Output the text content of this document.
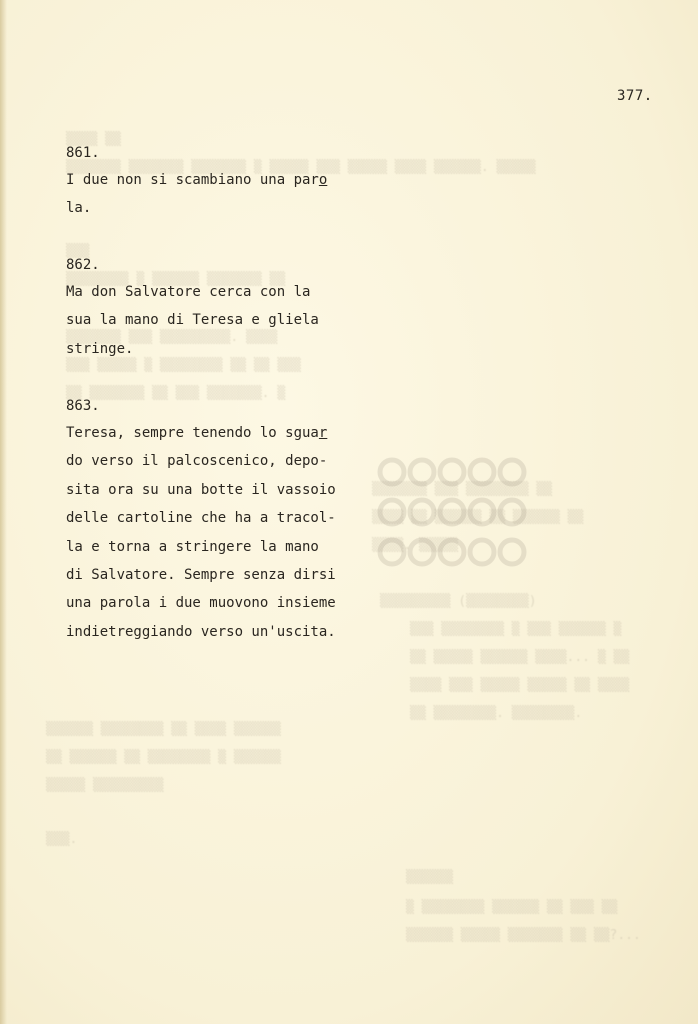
▒▒▒▒ ▒▒
▒▒▒▒▒▒▒ ▒▒▒▒▒▒▒ ▒▒▒▒▒▒▒ ▒ ▒▒▒▒▒ ▒▒▒ ▒▒▒▒▒ ▒▒▒▒ ▒▒▒▒▒▒. ▒▒▒▒▒
▒▒▒
▒▒▒▒▒▒▒▒ ▒ ▒▒▒▒▒▒ ▒▒▒▒▒▒▒ ▒▒
▒▒▒▒▒▒▒ ▒▒▒ ▒▒▒▒▒▒▒▒▒. ▒▒▒▒
▒▒▒ ▒▒▒▒▒ ▒ ▒▒▒▒▒▒▒▒ ▒▒ ▒▒ ▒▒▒
▒▒ ▒▒▒▒▒▒▒ ▒▒ ▒▒▒ ▒▒▒▒▒▒▒. ▒
▒▒▒▒▒▒▒ ▒▒▒ ▒▒▒▒▒▒▒▒ ▒▒
▒▒▒▒ ▒▒ ▒▒▒▒▒▒ ▒▒ ▒▒▒▒▒▒ ▒▒
▒▒▒▒. ▒▒▒▒▒
▒▒▒▒▒▒▒▒▒ (▒▒▒▒▒▒▒▒)
▒▒▒ ▒▒▒▒▒▒▒▒ ▒ ▒▒▒ ▒▒▒▒▒▒ ▒
▒▒ ▒▒▒▒▒ ▒▒▒▒▒▒ ▒▒▒▒... ▒ ▒▒
▒▒▒▒ ▒▒▒ ▒▒▒▒▒ ▒▒▒▒▒ ▒▒ ▒▒▒▒
▒▒ ▒▒▒▒▒▒▒▒. ▒▒▒▒▒▒▒▒.
▒▒▒▒▒▒ ▒▒▒▒▒▒▒▒ ▒▒ ▒▒▒▒ ▒▒▒▒▒▒
▒▒ ▒▒▒▒▒▒ ▒▒ ▒▒▒▒▒▒▒▒ ▒ ▒▒▒▒▒▒
▒▒▒▒▒ ▒▒▒▒▒▒▒▒▒
▒▒▒.
▒▒▒▒▒▒
▒ ▒▒▒▒▒▒▒▒ ▒▒▒▒▒▒ ▒▒ ▒▒▒ ▒▒
▒▒▒▒▒▒ ▒▒▒▒▒ ▒▒▒▒▒▒▒ ▒▒ ▒▒?...
377.
861.
I due non si scambiano una paro
la.
862.
Ma don Salvatore cerca con la
sua la mano di Teresa e gliela
stringe.
863.
Teresa, sempre tenendo lo sguar
do verso il palcoscenico, depo-
sita ora su una botte il vassoio
delle cartoline che ha a tracol-
la e torna a stringere la mano
di Salvatore. Sempre senza dirsi
una parola i due muovono insieme
indietreggiando verso un'uscita.
